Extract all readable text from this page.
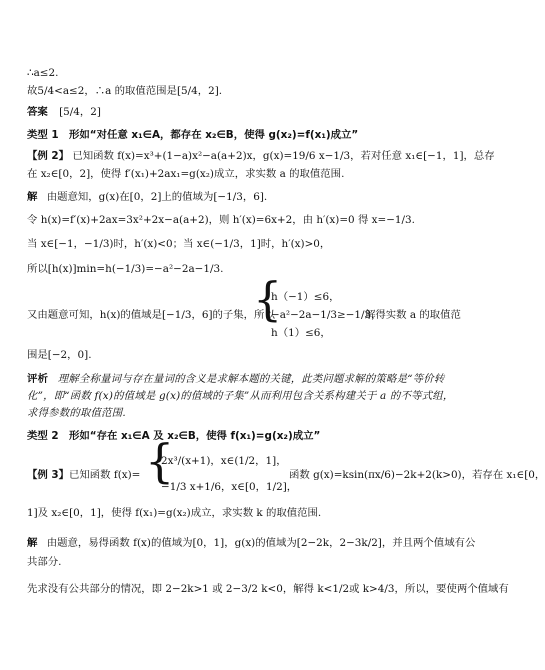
∴a≤2.
故5/4<a≤2，∴a 的取值范围是[5/4，2].
答案 [5/4，2]
类型 1　形如“对任意 x₁∈A，都存在 x₂∈B，使得 g(x₂)=f(x₁)成立”
【例 2】 已知函数 f(x)=x³+(1−a)x²−a(a+2)x，g(x)=19/6 x−1/3，若对任意 x₁∈[−1，1]，总存
在 x₂∈[0，2]，使得 f′(x₁)+2ax₁=g(x₂)成立，求实数 a 的取值范围.
解 由题意知，g(x)在[0，2]上的值域为[−1/3，6].
令 h(x)=f′(x)+2ax=3x²+2x−a(a+2)，则 h′(x)=6x+2，由 h′(x)=0 得 x=−1/3.
当 x∈[−1，−1/3)时，h′(x)<0；当 x∈(−1/3，1]时，h′(x)>0，
所以[h(x)]min=h(−1/3)=−a²−2a−1/3.
又由题意可知，h(x)的值域是[−1/3，6]的子集，所以
{
h（−1）≤6，
−a²−2a−1/3≥−1/3，
h（1）≤6，
解得实数 a 的取值范
围是[−2，0].
评析 理解全称量词与存在量词的含义是求解本题的关键，此类问题求解的策略是“等价转
化”，即“函数 f(x)的值域是 g(x)的值域的子集”从而利用包含关系构建关于 a 的不等式组，
求得参数的取值范围.
类型 2　形如“存在 x₁∈A 及 x₂∈B，使得 f(x₁)=g(x₂)成立”
【例 3】 已知函数 f(x)= {
2x³/(x+1)，x∈(1/2，1]，
−1/3 x+1/6，x∈[0，1/2]，
函数 g(x)=ksin(πx/6)−2k+2(k>0)，若存在 x₁∈[0，
1]及 x₂∈[0，1]，使得 f(x₁)=g(x₂)成立，求实数 k 的取值范围.
解 由题意，易得函数 f(x)的值域为[0，1]，g(x)的值域为[2−2k，2−3k/2]，并且两个值域有公
共部分.
先求没有公共部分的情况，即 2−2k>1 或 2−3/2 k<0，解得 k<1/2或 k>4/3，所以，要使两个值域有
